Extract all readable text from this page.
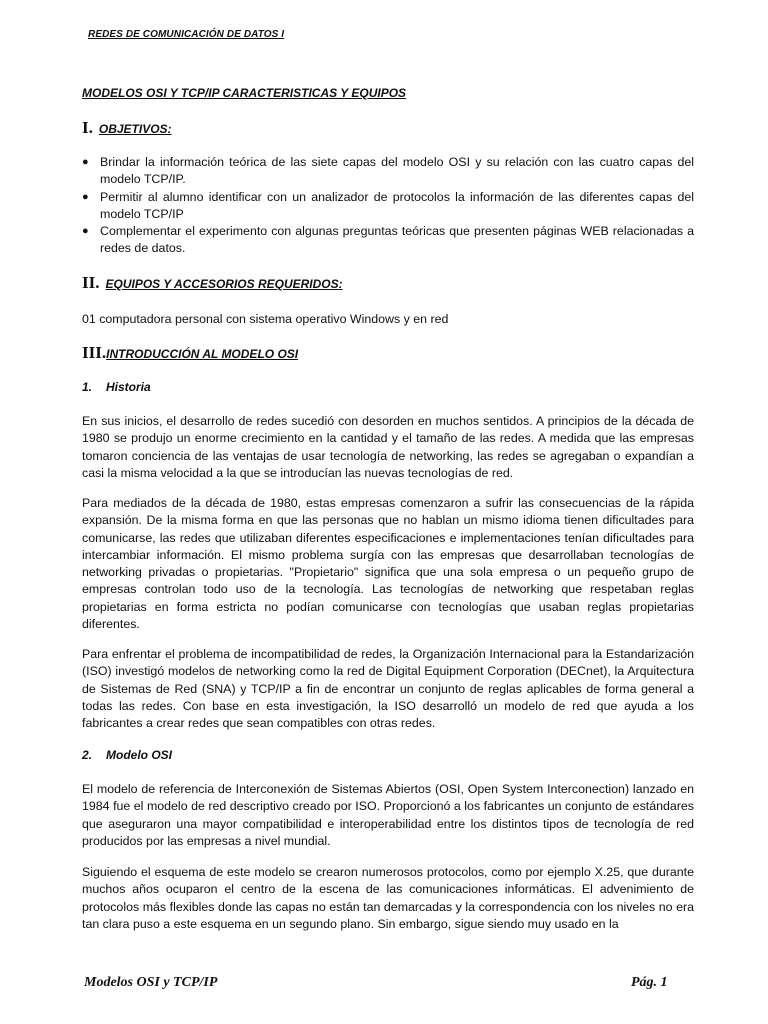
REDES DE COMUNICACIÓN DE DATOS I
MODELOS OSI Y TCP/IP CARACTERISTICAS Y EQUIPOS
I. OBJETIVOS:
● Brindar la información teórica de las siete capas del modelo OSI y su relación con las cuatro capas del modelo TCP/IP.
● Permitir al alumno identificar con un analizador de protocolos la información de las diferentes capas del modelo TCP/IP
● Complementar el experimento con algunas preguntas teóricas que presenten páginas WEB relacionadas a redes de datos.
II. EQUIPOS Y ACCESORIOS REQUERIDOS:

01 computadora personal con sistema operativo Windows y en red

III.INTRODUCCIÓN AL MODELO OSI
1. Historia

En sus inicios, el desarrollo de redes sucedió con desorden en muchos sentidos. A principios de la década de 1980 se produjo un enorme crecimiento en la cantidad y el tamaño de las redes. A medida que las empresas tomaron conciencia de las ventajas de usar tecnología de networking, las redes se agregaban o expandían a casi la misma velocidad a la que se introducían las nuevas tecnologías de red.

Para mediados de la década de 1980, estas empresas comenzaron a sufrir las consecuencias de la rápida expansión. De la misma forma en que las personas que no hablan un mismo idioma tienen dificultades para comunicarse, las redes que utilizaban diferentes especificaciones e implementaciones tenían dificultades para intercambiar información. El mismo problema surgía con las empresas que desarrollaban tecnologías de networking privadas o propietarias. "Propietario" significa que una sola empresa o un pequeño grupo de empresas controlan todo uso de la tecnología. Las tecnologías de networking que respetaban reglas propietarias en forma estricta no podían comunicarse con tecnologías que usaban reglas propietarias diferentes.

Para enfrentar el problema de incompatibilidad de redes, la Organización Internacional para la Estandarización (ISO) investigó modelos de networking como la red de Digital Equipment Corporation (DECnet), la Arquitectura de Sistemas de Red (SNA) y TCP/IP a fin de encontrar un conjunto de reglas aplicables de forma general a todas las redes. Con base en esta investigación, la ISO desarrolló un modelo de red que ayuda a los fabricantes a crear redes que sean compatibles con otras redes.

2. Modelo OSI

El modelo de referencia de Interconexión de Sistemas Abiertos (OSI, Open System Interconection) lanzado en 1984 fue el modelo de red descriptivo creado por ISO. Proporcionó a los fabricantes un conjunto de estándares que aseguraron una mayor compatibilidad e interoperabilidad entre los distintos tipos de tecnología de red producidos por las empresas a nivel mundial.

Siguiendo el esquema de este modelo se crearon numerosos protocolos, como por ejemplo X.25, que durante muchos años ocuparon el centro de la escena de las comunicaciones informáticas. El advenimiento de protocolos más flexibles donde las capas no están tan demarcadas y la correspondencia con los niveles no era tan clara puso a este esquema en un segundo plano. Sin embargo, sigue siendo muy usado en la

Modelos OSI y TCP/IP	Pág. 1
